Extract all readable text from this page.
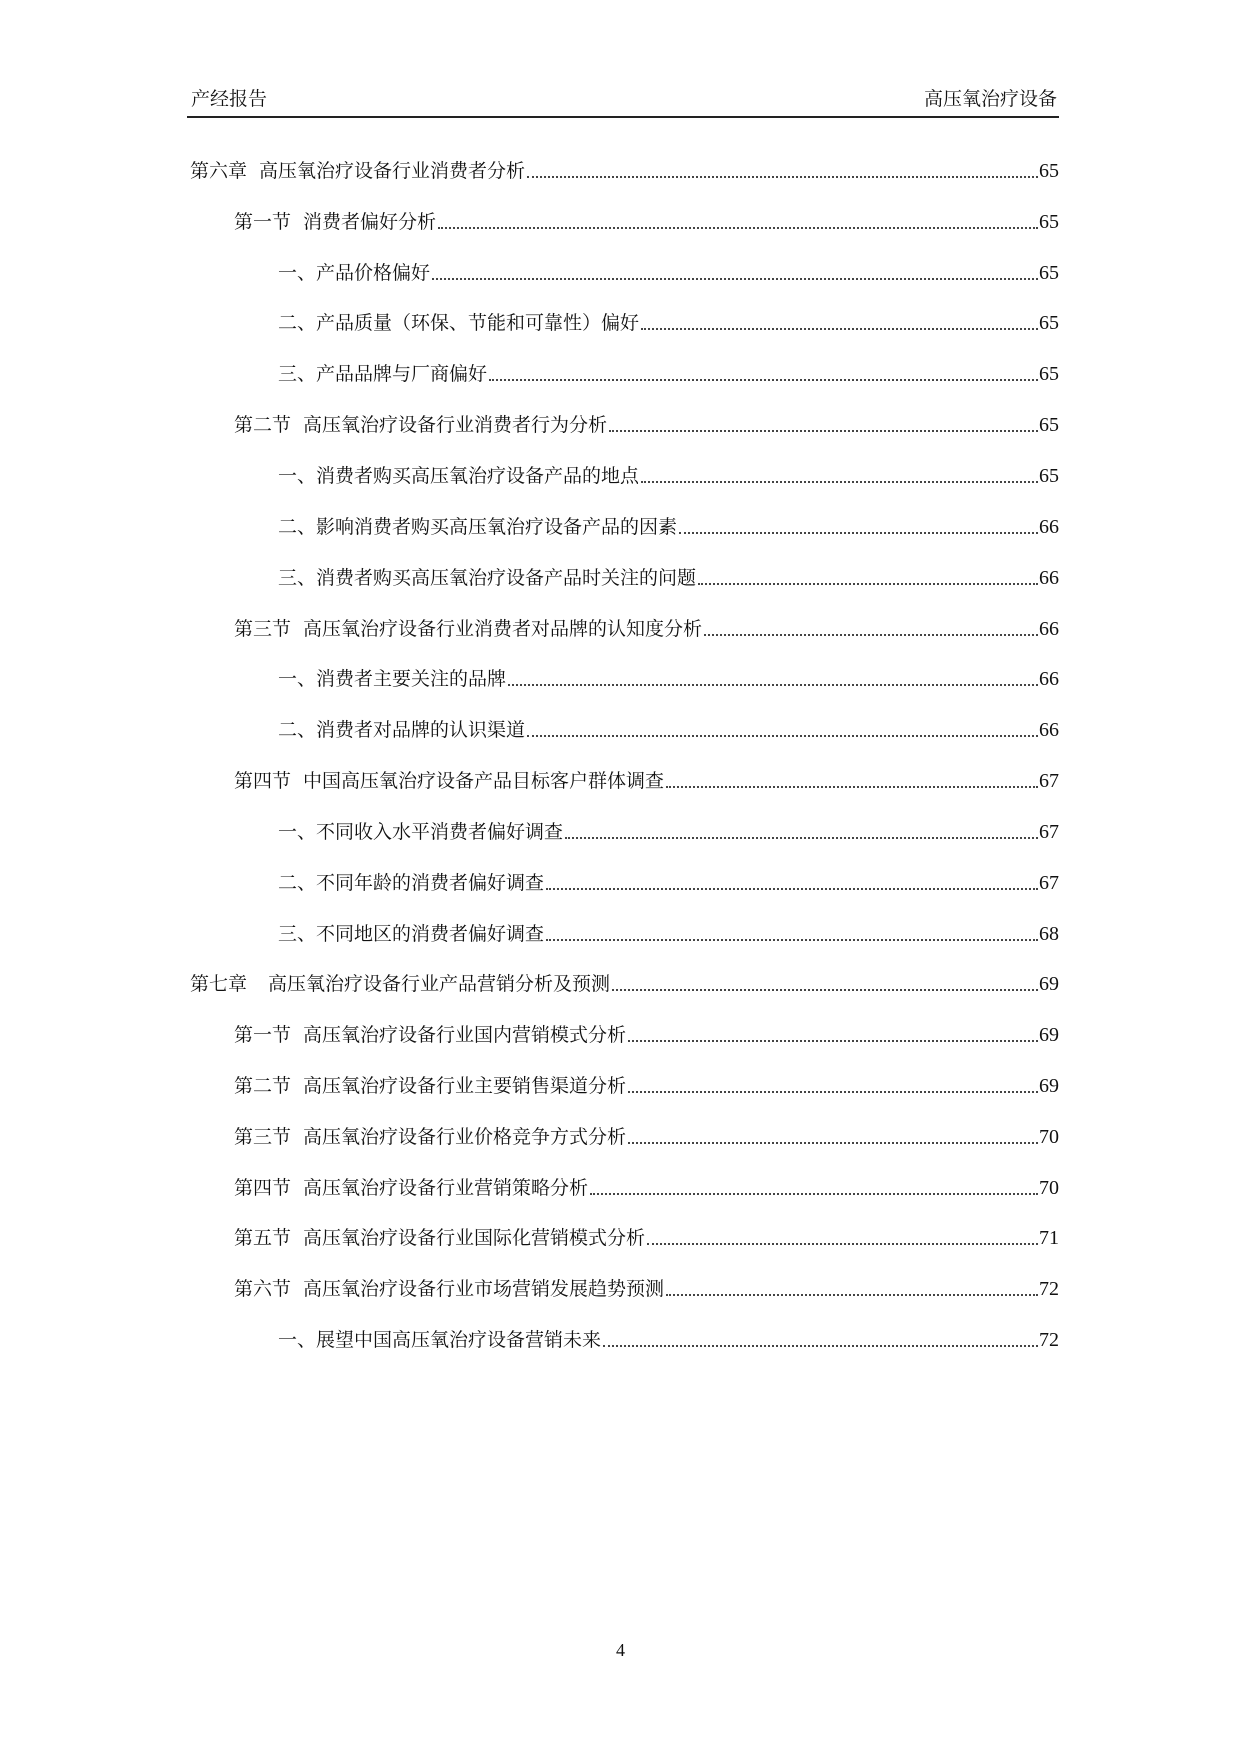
产经报告	高压氧治疗设备
第六章 高压氧治疗设备行业消费者分析	65
第一节 消费者偏好分析	65
一、产品价格偏好	65
二、产品质量（环保、节能和可靠性）偏好	65
三、产品品牌与厂商偏好	65
第二节 高压氧治疗设备行业消费者行为分析	65
一、消费者购买高压氧治疗设备产品的地点	65
二、影响消费者购买高压氧治疗设备产品的因素	66
三、消费者购买高压氧治疗设备产品时关注的问题	66
第三节 高压氧治疗设备行业消费者对品牌的认知度分析	66
一、消费者主要关注的品牌	66
二、消费者对品牌的认识渠道	66
第四节 中国高压氧治疗设备产品目标客户群体调查	67
一、不同收入水平消费者偏好调查	67
二、不同年龄的消费者偏好调查	67
三、不同地区的消费者偏好调查	68
第七章 高压氧治疗设备行业产品营销分析及预测	69
第一节 高压氧治疗设备行业国内营销模式分析	69
第二节 高压氧治疗设备行业主要销售渠道分析	69
第三节 高压氧治疗设备行业价格竞争方式分析	70
第四节 高压氧治疗设备行业营销策略分析	70
第五节 高压氧治疗设备行业国际化营销模式分析	71
第六节 高压氧治疗设备行业市场营销发展趋势预测	72
一、展望中国高压氧治疗设备营销未来	72
4
